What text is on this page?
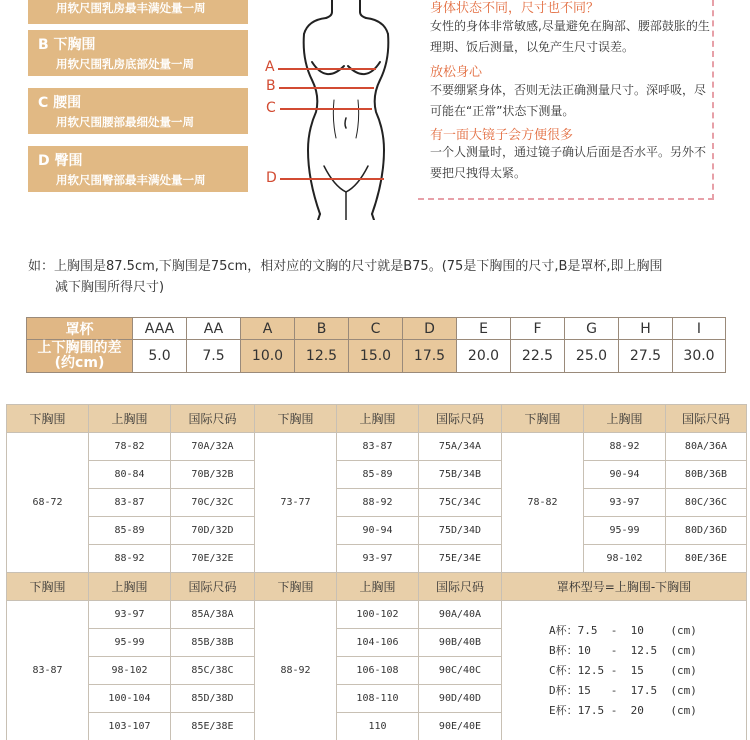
用软尺围乳房最丰满处量一周
B 下胸围
用软尺围乳房底部处量一周
C 腰围
用软尺围腰部最细处量一周
D 臀围
用软尺围臀部最丰满处量一周
A
B
C
D
身体状态不同，尺寸也不同？
女性的身体非常敏感,尽量避免在胸部、腰部鼓胀的生理期、饭后测量，以免产生尺寸误差。
放松身心
不要绷紧身体，否则无法正确测量尺寸。深呼吸，尽可能在“正常”状态下测量。
有一面大镜子会方便很多
一个人测量时，通过镜子确认后面是否水平。另外不要把尺拽得太紧。
如：上胸围是87.5cm,下胸围是75cm，相对应的文胸的尺寸就是B75。(75是下胸围的尺寸,B是罩杯,即上胸围
减下胸围所得尺寸)
罩杯	AAA	AA	A	B	C	D	E	F	G	H	I

上下胸围的差
(约cm)	5.0	7.5	10.0	12.5	15.0	17.5	20.0	22.5	25.0	27.5	30.0
下胸围	上胸围	国际尺码	下胸围	上胸围	国际尺码	下胸围	上胸围	国际尺码
68-72	78-82	70A/32A	73-77	83-87	75A/34A	78-82	88-92	80A/36A
	80-84	70B/32B		85-89	75B/34B		90-94	80B/36B
	83-87	70C/32C		88-92	75C/34C		93-97	80C/36C
	85-89	70D/32D		90-94	75D/34D		95-99	80D/36D
	88-92	70E/32E		93-97	75E/34E		98-102	80E/36E
下胸围	上胸围	国际尺码	下胸围	上胸围	国际尺码	罩杯型号=上胸围-下胸围		
83-87	93-97	85A/38A	88-92	100-102	90A/40A	A杯：7.5  -  10    (cm)
B杯：10   -  12.5  (cm)
C杯：12.5 -  15    (cm)
D杯：15   -  17.5  (cm)
E杯：17.5 -  20    (cm)		

	95-99	85B/38B		104-106	90B/40B			
	98-102	85C/38C		106-108	90C/40C			
	100-104	85D/38D		108-110	90D/40D			
	103-107	85E/38E		110	90E/40E			
